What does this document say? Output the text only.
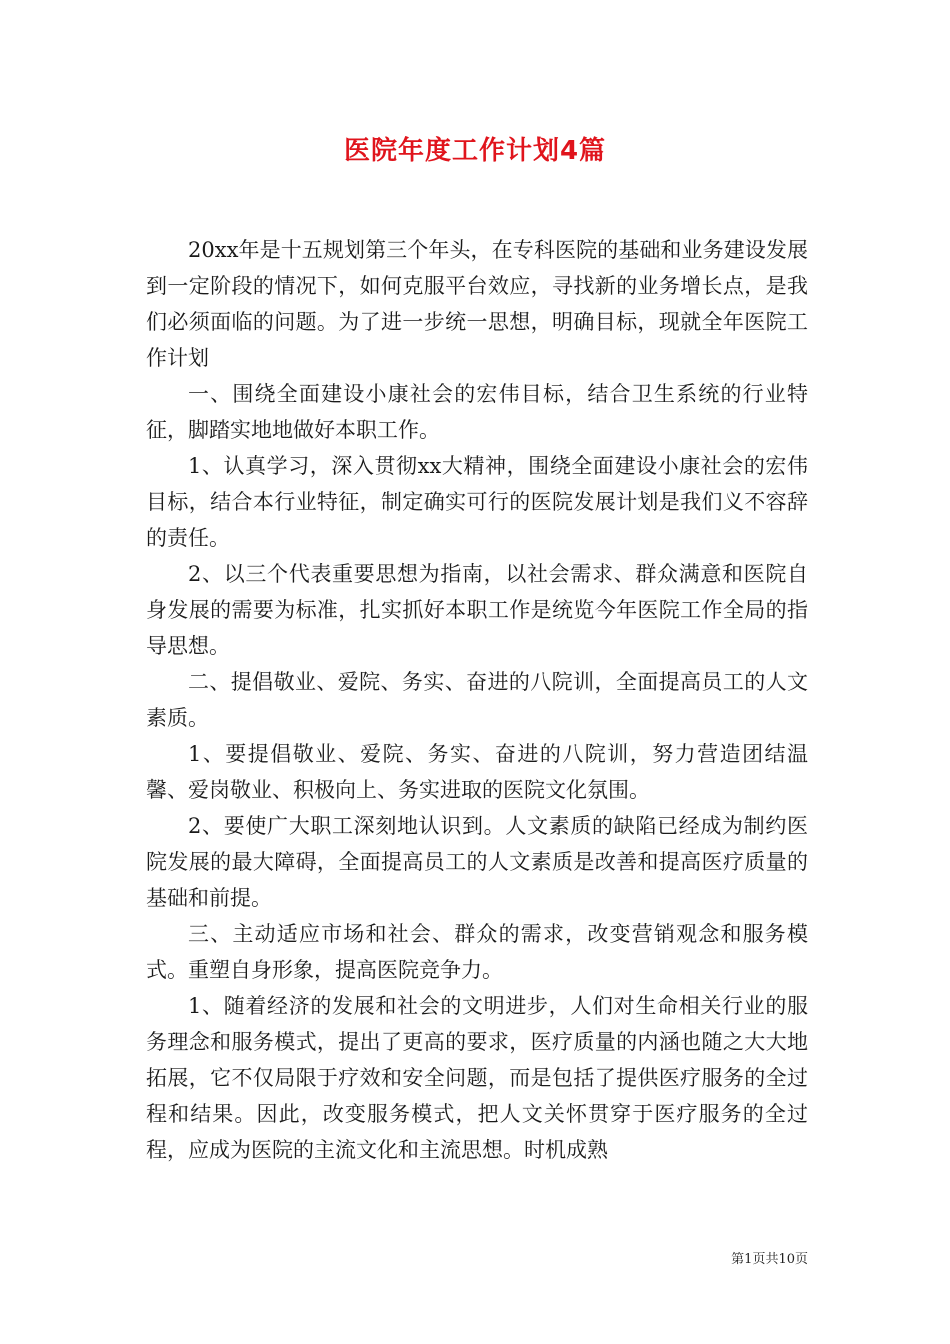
医院年度工作计划4篇

20xx年是十五规划第三个年头，在专科医院的基础和业务建设发展到一定阶段的情况下，如何克服平台效应，寻找新的业务增长点，是我们必须面临的问题。为了进一步统一思想，明确目标，现就全年医院工作计划

一、围绕全面建设小康社会的宏伟目标，结合卫生系统的行业特征，脚踏实地地做好本职工作。

1、认真学习，深入贯彻xx大精神，围绕全面建设小康社会的宏伟目标，结合本行业特征，制定确实可行的医院发展计划是我们义不容辞的责任。

2、以三个代表重要思想为指南，以社会需求、群众满意和医院自身发展的需要为标准，扎实抓好本职工作是统览今年医院工作全局的指导思想。

二、提倡敬业、爱院、务实、奋进的八院训，全面提高员工的人文素质。

1、要提倡敬业、爱院、务实、奋进的八院训，努力营造团结温馨、爱岗敬业、积极向上、务实进取的医院文化氛围。

2、要使广大职工深刻地认识到。人文素质的缺陷已经成为制约医院发展的最大障碍，全面提高员工的人文素质是改善和提高医疗质量的基础和前提。

三、主动适应市场和社会、群众的需求，改变营销观念和服务模式。重塑自身形象，提高医院竞争力。

1、随着经济的发展和社会的文明进步，人们对生命相关行业的服务理念和服务模式，提出了更高的要求，医疗质量的内涵也随之大大地拓展，它不仅局限于疗效和安全问题，而是包括了提供医疗服务的全过程和结果。因此，改变服务模式，把人文关怀贯穿于医疗服务的全过程，应成为医院的主流文化和主流思想。时机成熟

第1页共10页
